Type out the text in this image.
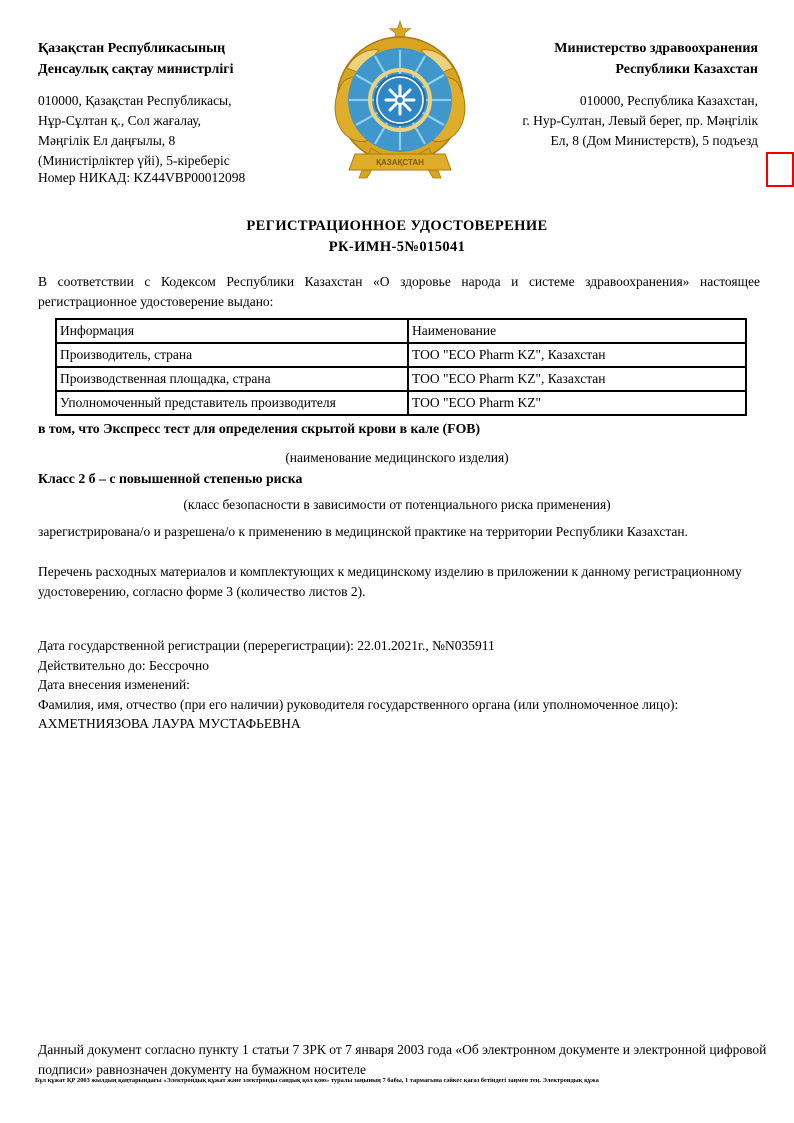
Қазақстан Республикасының
Денсаулық сақтау министрлігі
010000, Қазақстан Республикасы,
Нұр-Сұлтан қ., Сол жағалау,
Мәңгілік Ел даңғылы, 8
(Министірліктер үйі), 5-кіреберіс
Номер НИКАД: KZ44VBP00012098
ҚАЗАҚСТАН
Министерство здравоохранения
Республики Казахстан
010000, Республика Казахстан,
г. Нур-Султан, Левый берег, пр. Мәңгілік
Ел, 8 (Дом Министерств), 5 подъезд
РЕГИСТРАЦИОННОЕ УДОСТОВЕРЕНИЕ
РК-ИМН-5№015041
В соответствии с Кодексом Республики Казахстан «О здоровье народа и системе здравоохранения» настоящее регистрационное удостоверение выдано:
Информация	Наименование
Производитель, страна	ТОО "ECO Pharm KZ", Казахстан
Производственная площадка, страна	ТОО "ECO Pharm KZ", Казахстан
Уполномоченный представитель производителя	ТОО "ECO Pharm KZ"
в том, что Экспресс тест для определения скрытой крови в кале (FOB)
(наименование медицинского изделия)
Класс 2 б – с повышенной степенью риска
(класс безопасности в зависимости от потенциального риска применения)
зарегистрирована/о и разрешена/о к применению в медицинской практике на территории Республики Казахстан.
Перечень расходных материалов и комплектующих к медицинскому изделию в приложении к данному регистрационному удостоверению, согласно форме 3 (количество листов 2).
Дата государственной регистрации (перерегистрации): 22.01.2021г., №N035911
Действительно до: Бессрочно
Дата внесения изменений:
Фамилия, имя, отчество (при его наличии) руководителя государственного органа (или уполномоченное лицо): АХМЕТНИЯЗОВА ЛАУРА МУСТАФЬЕВНА
Данный документ согласно пункту 1 статьи 7 ЗРК от 7 января 2003 года «Об электронном документе и электронной цифровой подписи» равнозначен документу на бумажном носителе
Бұл құжат ҚР 2003 жылдың қаңтарындағы «Электрондық құжат және электронды сандық қол қою» туралы заңының 7 бабы, 1 тармағына сәйкес қағаз бетіндегі заңмен тең. Электрондық құжа
